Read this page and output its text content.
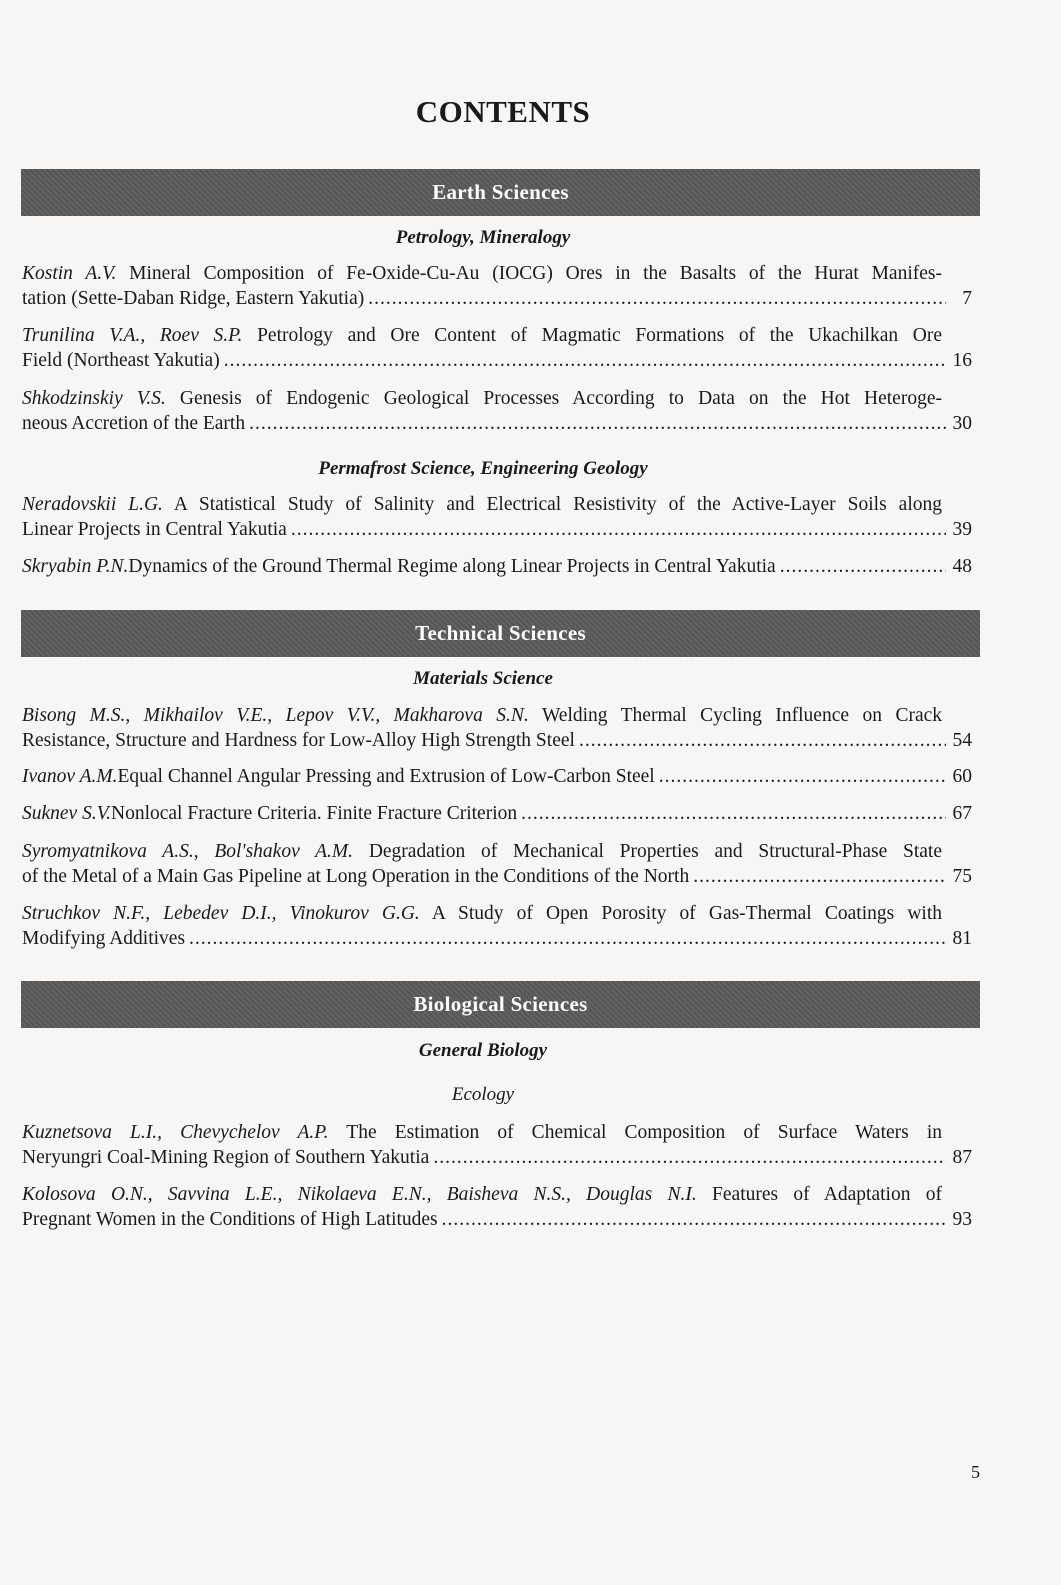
CONTENTS
Earth Sciences
Petrology, Mineralogy
Kostin A.V. Mineral Composition of Fe-Oxide-Cu-Au (IOCG) Ores in the Basalts of the Hurat Manifes-
tation (Sette-Daban Ridge, Eastern Yakutia) .....	7
Trunilina V.A., Roev S.P. Petrology and Ore Content of Magmatic Formations of the Ukachilkan Ore
Field (Northeast Yakutia) .....	16
Shkodzinskiy V.S. Genesis of Endogenic Geological Processes According to Data on the Hot Heteroge-
neous Accretion of the Earth .....	30
Permafrost Science, Engineering Geology
Neradovskii L.G. A Statistical Study of Salinity and Electrical Resistivity of the Active-Layer Soils along
Linear Projects in Central Yakutia .....	39
Skryabin P.N. Dynamics of the Ground Thermal Regime along Linear Projects in Central Yakutia .....	48
Technical Sciences
Materials Science
Bisong M.S., Mikhailov V.E., Lepov V.V., Makharova S.N. Welding Thermal Cycling Influence on Crack
Resistance, Structure and Hardness for Low-Alloy High Strength Steel .....	54
Ivanov A.M. Equal Channel Angular Pressing and Extrusion of Low-Carbon Steel .....	60
Suknev S.V. Nonlocal Fracture Criteria. Finite Fracture Criterion .....	67
Syromyatnikova A.S., Bol'shakov A.M. Degradation of Mechanical Properties and Structural-Phase State
of the Metal of a Main Gas Pipeline at Long Operation in the Conditions of the North .....	75
Struchkov N.F., Lebedev D.I., Vinokurov G.G. A Study of Open Porosity of Gas-Thermal Coatings with
Modifying Additives .....	81
Biological Sciences
General Biology
Ecology
Kuznetsova L.I., Chevychelov A.P. The Estimation of Chemical Composition of Surface Waters in
Neryungri Coal-Mining Region of Southern Yakutia .....	87
Kolosova O.N., Savvina L.E., Nikolaeva E.N., Baisheva N.S., Douglas N.I. Features of Adaptation of
Pregnant Women in the Conditions of High Latitudes .....	93
5
